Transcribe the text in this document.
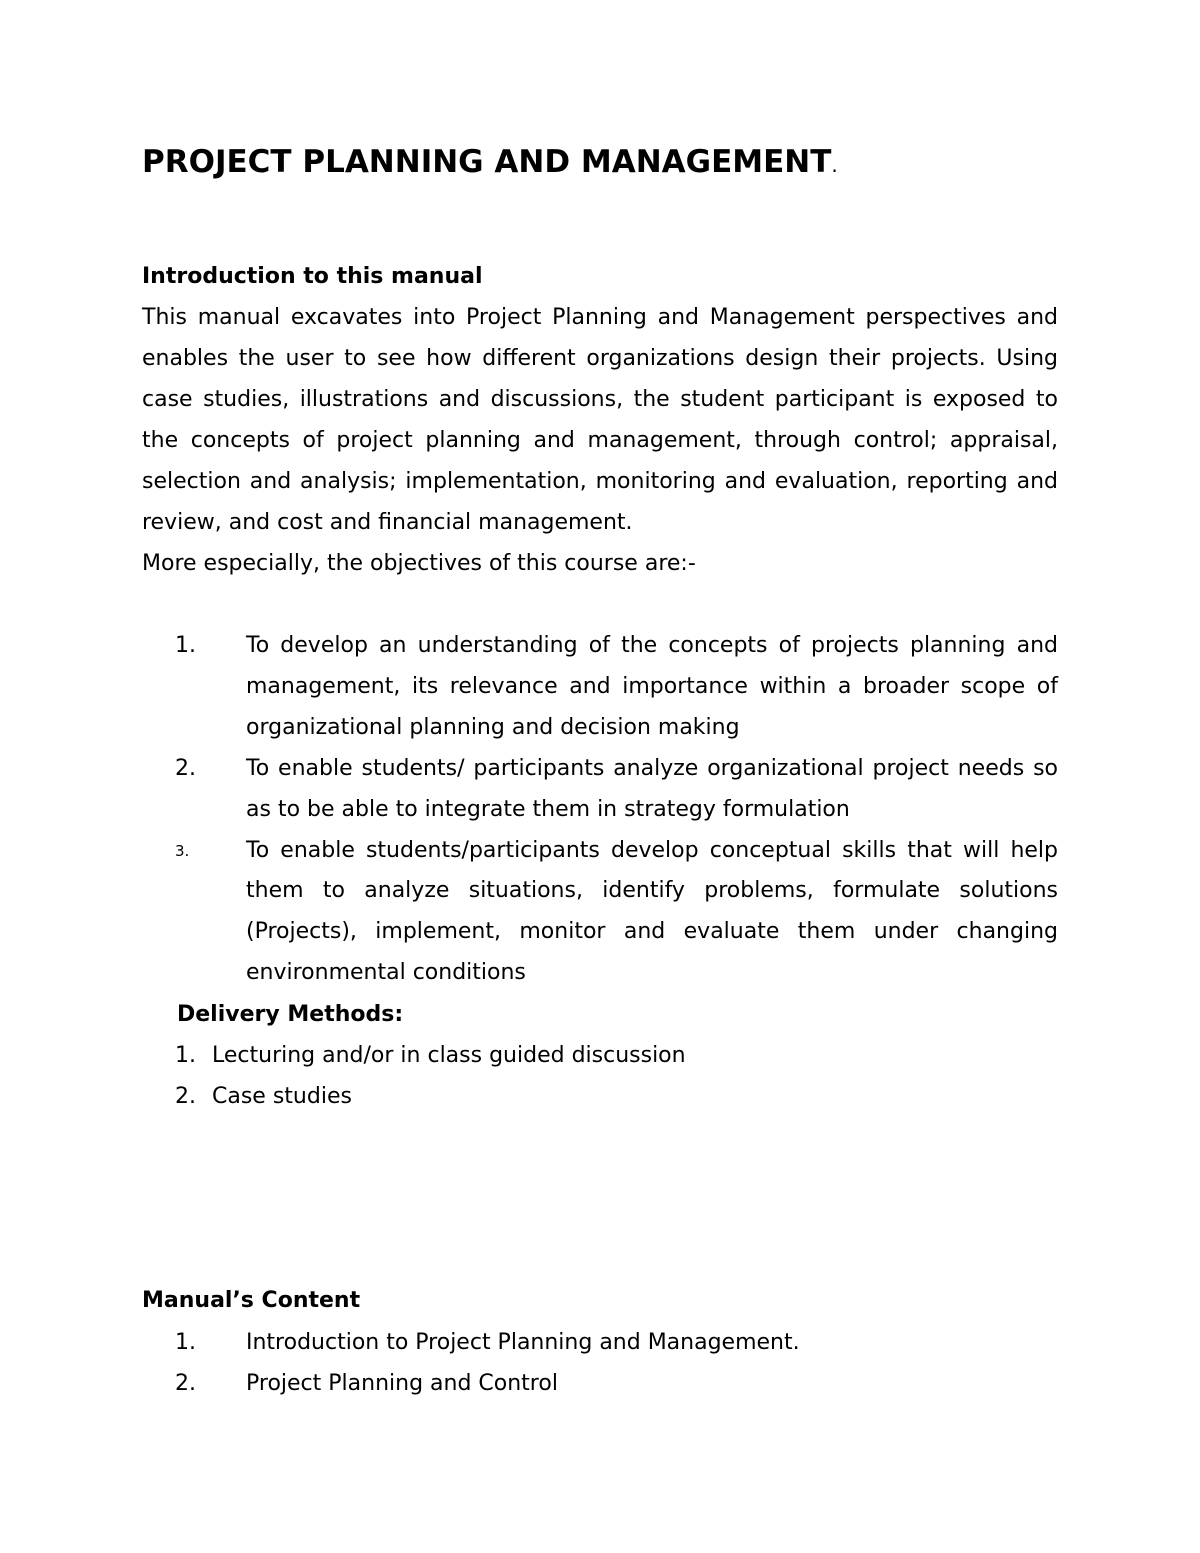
PROJECT PLANNING AND MANAGEMENT.
Introduction to this manual

This manual excavates into Project Planning and Management perspectives and enables the user to see how different organizations design their projects. Using case studies, illustrations and discussions, the student participant is exposed to the concepts of project planning and management, through control; appraisal, selection and analysis; implementation, monitoring and evaluation, reporting and review, and cost and financial management.

More especially, the objectives of this course are:-

1. To develop an understanding of the concepts of projects planning and management, its relevance and importance within a broader scope of organizational planning and decision making

2. To enable students/ participants analyze organizational project needs so as to be able to integrate them in strategy formulation

3.	To enable students/participants develop conceptual skills that will help them to analyze situations, identify problems, formulate solutions (Projects), implement, monitor and evaluate them under changing environmental conditions

Delivery Methods:
1. Lecturing and/or in class guided discussion
2. Case studies
Manual’s Content
1. Introduction to Project Planning and Management.
2. Project Planning and Control
